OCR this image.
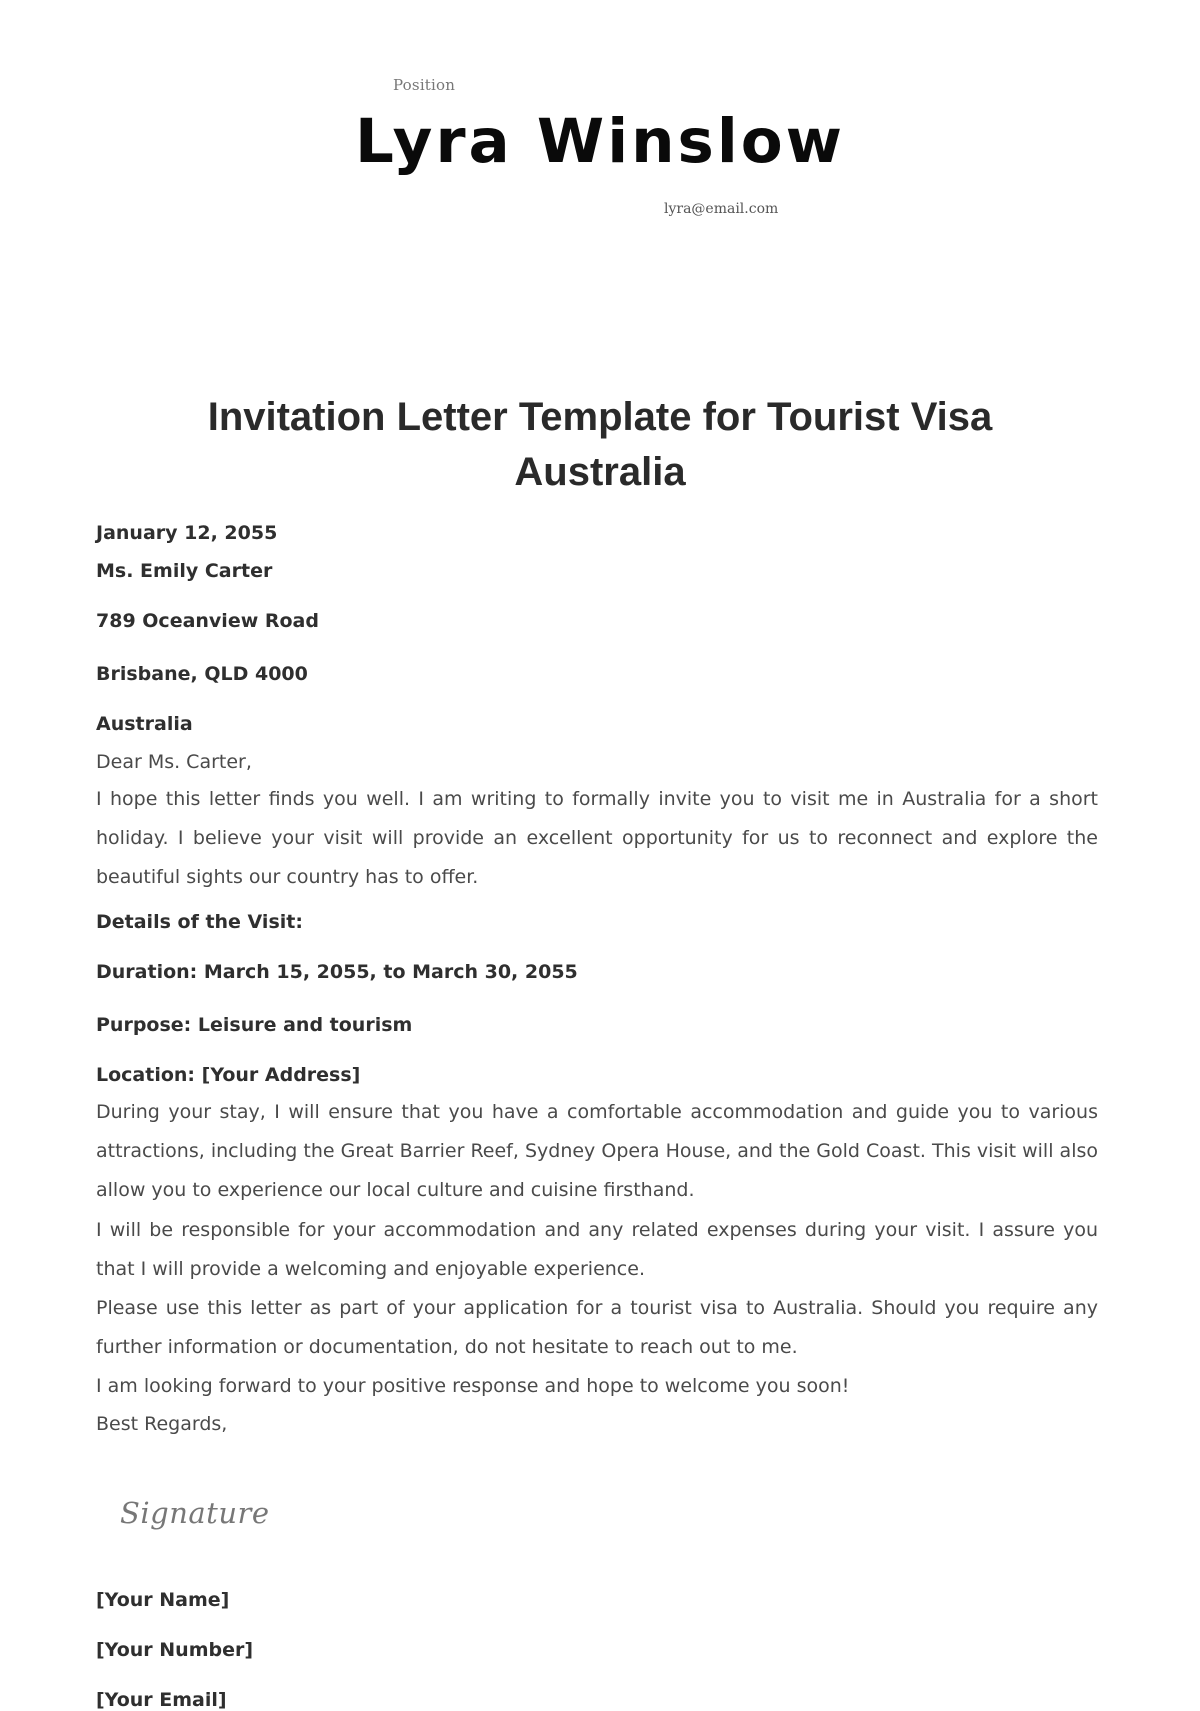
Position
Lyra Winslow
lyra@email.com
Invitation Letter Template for Tourist Visa Australia
January 12, 2055
Ms. Emily Carter
789 Oceanview Road
Brisbane, QLD 4000
Australia
Dear Ms. Carter,
I hope this letter finds you well. I am writing to formally invite you to visit me in Australia for a short holiday. I believe your visit will provide an excellent opportunity for us to reconnect and explore the beautiful sights our country has to offer.
Details of the Visit:
Duration: March 15, 2055, to March 30, 2055
Purpose: Leisure and tourism
Location: [Your Address]
During your stay, I will ensure that you have a comfortable accommodation and guide you to various attractions, including the Great Barrier Reef, Sydney Opera House, and the Gold Coast. This visit will also allow you to experience our local culture and cuisine firsthand.
I will be responsible for your accommodation and any related expenses during your visit. I assure you that I will provide a welcoming and enjoyable experience.
Please use this letter as part of your application for a tourist visa to Australia. Should you require any further information or documentation, do not hesitate to reach out to me.
I am looking forward to your positive response and hope to welcome you soon!
Best Regards,
[Your Name]
[Your Number]
[Your Email]
Signature
